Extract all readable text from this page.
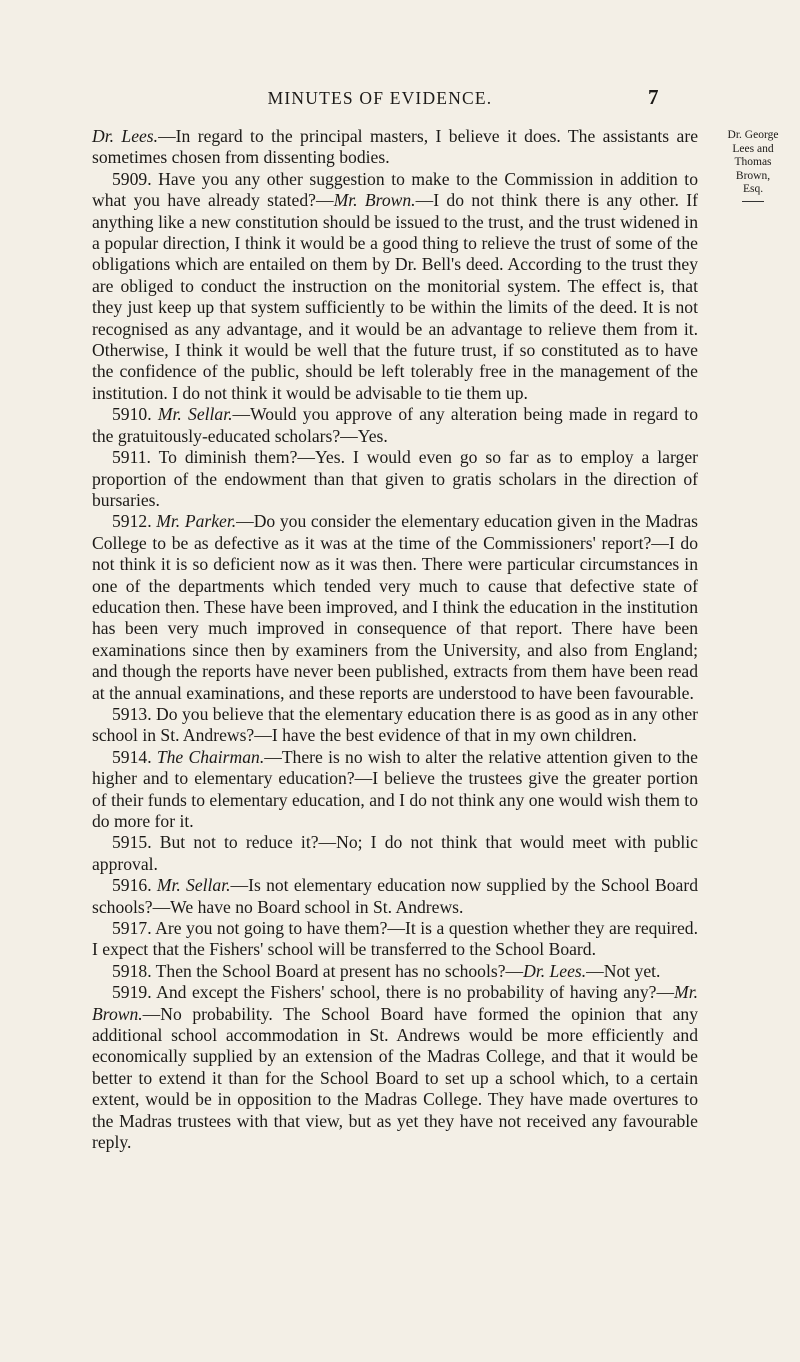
MINUTES OF EVIDENCE.	7
Dr. George
Lees and
Thomas
Brown,
Esq.

Dr. Lees.—In regard to the principal masters, I believe it does. The assistants are sometimes chosen from dissenting bodies.

5909. Have you any other suggestion to make to the Commission in addition to what you have already stated?—Mr. Brown.—I do not think there is any other. If anything like a new constitution should be issued to the trust, and the trust widened in a popular direction, I think it would be a good thing to relieve the trust of some of the obligations which are entailed on them by Dr. Bell's deed. According to the trust they are obliged to conduct the instruction on the monitorial system. The effect is, that they just keep up that system sufficiently to be within the limits of the deed. It is not recognised as any advantage, and it would be an advantage to relieve them from it. Otherwise, I think it would be well that the future trust, if so constituted as to have the confidence of the public, should be left tolerably free in the management of the institution. I do not think it would be advisable to tie them up.

5910. Mr. Sellar.—Would you approve of any alteration being made in regard to the gratuitously-educated scholars?—Yes.

5911. To diminish them?—Yes. I would even go so far as to employ a larger proportion of the endowment than that given to gratis scholars in the direction of bursaries.

5912. Mr. Parker.—Do you consider the elementary education given in the Madras College to be as defective as it was at the time of the Commissioners' report?—I do not think it is so deficient now as it was then. There were particular circumstances in one of the departments which tended very much to cause that defective state of education then. These have been improved, and I think the education in the institution has been very much improved in consequence of that report. There have been examinations since then by examiners from the University, and also from England; and though the reports have never been published, extracts from them have been read at the annual examinations, and these reports are understood to have been favourable.

5913. Do you believe that the elementary education there is as good as in any other school in St. Andrews?—I have the best evidence of that in my own children.

5914. The Chairman.—There is no wish to alter the relative attention given to the higher and to elementary education?—I believe the trustees give the greater portion of their funds to elementary education, and I do not think any one would wish them to do more for it.

5915. But not to reduce it?—No; I do not think that would meet with public approval.

5916. Mr. Sellar.—Is not elementary education now supplied by the School Board schools?—We have no Board school in St. Andrews.

5917. Are you not going to have them?—It is a question whether they are required. I expect that the Fishers' school will be transferred to the School Board.

5918. Then the School Board at present has no schools?—Dr. Lees.—Not yet.

5919. And except the Fishers' school, there is no probability of having any?—Mr. Brown.—No probability. The School Board have formed the opinion that any additional school accommodation in St. Andrews would be more efficiently and economically supplied by an extension of the Madras College, and that it would be better to extend it than for the School Board to set up a school which, to a certain extent, would be in opposition to the Madras College. They have made overtures to the Madras trustees with that view, but as yet they have not received any favourable reply.
